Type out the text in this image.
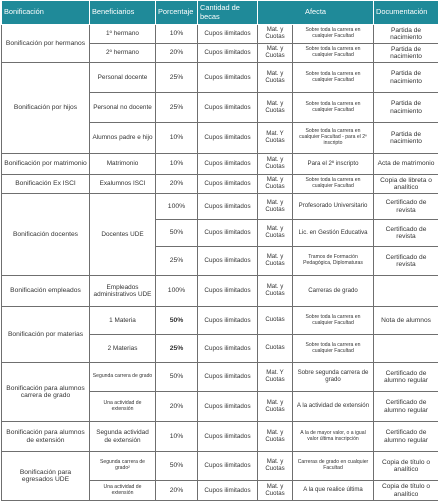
Bonificación	Beneficiarios	Porcentaje	Cantidad de becas	Afecta		Documentación
Bonificación por hermanos	1º hermano	10%	Cupos ilimitados	Mat. y Cuotas	Sobre toda la carrera en cualquier Facultad	Partida de nacimiento
	2º hermano	20%	Cupos ilimitados	Mat. y Cuotas	Sobre toda la carrera en cualquier Facultad	Partida de nacimiento
Bonificación por hijos	Personal docente	25%	Cupos ilimitados	Mat. y Cuotas	Sobre toda la carrera en cualquier Facultad	Partida de nacimiento
	Personal no docente	25%	Cupos ilimitados	Mat. y Cuotas	Sobre toda la carrera en cualquier Facultad	Partida de nacimiento
	Alumnos padre e hijo	10%	Cupos ilimitados	Mat. Y Cuotas	Sobre toda la carrera en cualquier Facultad - para el 2º inscripto	Partida de nacimiento
Bonificación por matrimonio	Matrimonio	10%	Cupos ilimitados	Mat. y Cuotas	Para el 2º inscripto	Acta de matrimonio
Bonificación Ex ISCI	Exalumnos ISCI	20%	Cupos ilimitados	Mat. y Cuotas	Sobre toda la carrera en cualquier Facultad	Copia de libreta o analítico
Bonificación docentes	Docentes UDE	100%	Cupos ilimitados	Mat. y Cuotas	Profesorado Universitario	Certificado de revista
		50%	Cupos ilimitados	Mat. y Cuotas	Lic. en Gestión Educativa	Certificado de revista
		25%	Cupos ilimitados	Mat. y Cuotas	Tramos de Formación Pedagógica, Diplomaturas	Certificado de revista
Bonificación empleados	Empleados administrativos UDE	100%	Cupos ilimitados	Mat. y Cuotas	Carreras de grado	
Bonificación por materias	1 Materia	50%	Cupos ilimitados	Cuotas	Sobre toda la carrera en cualquier Facultad	Nota de alumnos
	2 Materias	25%	Cupos ilimitados	Cuotas	Sobre toda la carrera en cualquier Facultad	
Bonificación para alumnos carrera de grado	Segunda carrera de grado	50%	Cupos ilimitados	Mat. Y Cuotas	Sobre segunda carrera de grado	Certificado de alumno regular
	Una actividad de extensión	20%	Cupos ilimitados	Mat. y Cuotas	A la actividad de extensión	Certificado de alumno regular
Bonificación para alumnos de extensión	Segunda actividad de extensión	10%	Cupos ilimitados	Mat. y Cuotas	A la de mayor valor, o a igual valor última inscripción	Certificado de alumno regular
Bonificación para egresados UDE	Segunda carrera de grado²	50%	Cupos ilimitados	Mat. y Cuotas	Carreras de grado en cualquier Facultad	Copia de título o analítico
	Una actividad de extensión	20%	Cupos ilimitados	Mat. y Cuotas	A la que realice última	Copia de título o analítico
